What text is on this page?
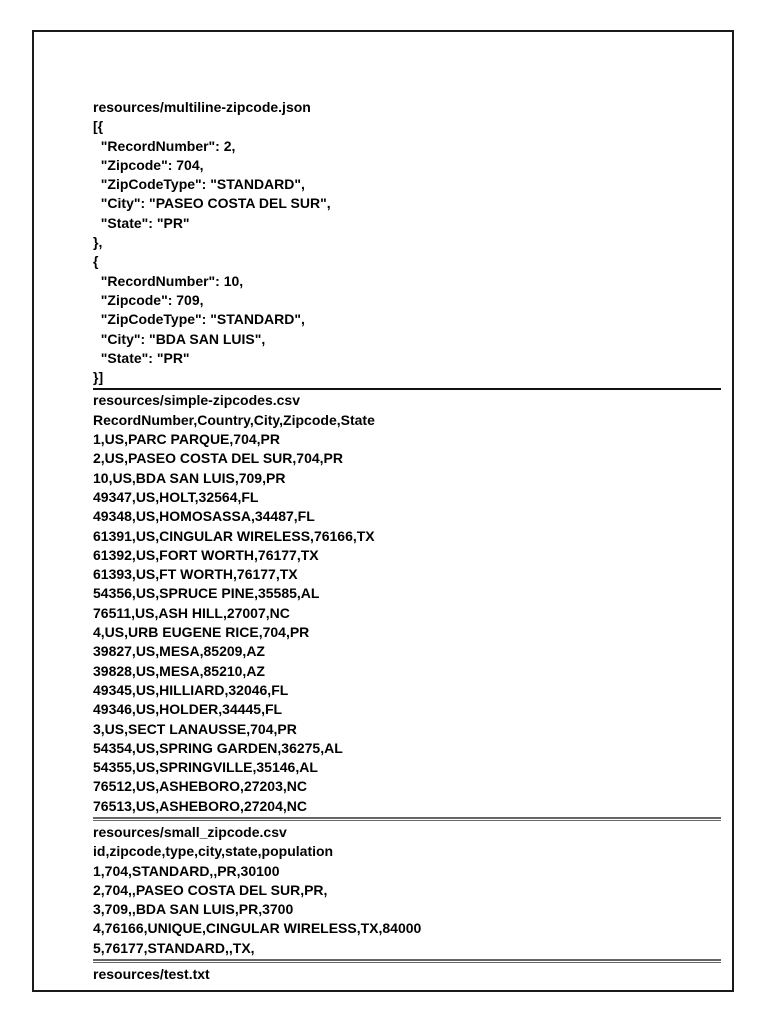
resources/multiline-zipcode.json
[{
"RecordNumber": 2,
"Zipcode": 704,
"ZipCodeType": "STANDARD",
"City": "PASEO COSTA DEL SUR",
"State": "PR"
},
{
"RecordNumber": 10,
"Zipcode": 709,
"ZipCodeType": "STANDARD",
"City": "BDA SAN LUIS",
"State": "PR"
}]
resources/simple-zipcodes.csv
RecordNumber,Country,City,Zipcode,State
1,US,PARC PARQUE,704,PR
2,US,PASEO COSTA DEL SUR,704,PR
10,US,BDA SAN LUIS,709,PR
49347,US,HOLT,32564,FL
49348,US,HOMOSASSA,34487,FL
61391,US,CINGULAR WIRELESS,76166,TX
61392,US,FORT WORTH,76177,TX
61393,US,FT WORTH,76177,TX
54356,US,SPRUCE PINE,35585,AL
76511,US,ASH HILL,27007,NC
4,US,URB EUGENE RICE,704,PR
39827,US,MESA,85209,AZ
39828,US,MESA,85210,AZ
49345,US,HILLIARD,32046,FL
49346,US,HOLDER,34445,FL
3,US,SECT LANAUSSE,704,PR
54354,US,SPRING GARDEN,36275,AL
54355,US,SPRINGVILLE,35146,AL
76512,US,ASHEBORO,27203,NC
76513,US,ASHEBORO,27204,NC
resources/small_zipcode.csv
id,zipcode,type,city,state,population
1,704,STANDARD,,PR,30100
2,704,,PASEO COSTA DEL SUR,PR,
3,709,,BDA SAN LUIS,PR,3700
4,76166,UNIQUE,CINGULAR WIRELESS,TX,84000
5,76177,STANDARD,,TX,
resources/test.txt
